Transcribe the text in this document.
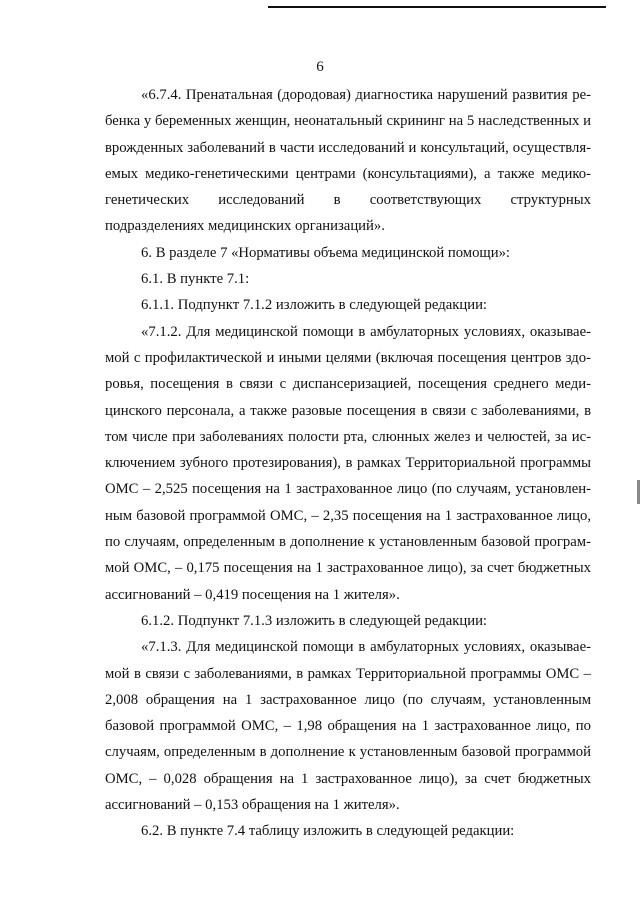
6

«6.7.4. Пренатальная (дородовая) диагностика нарушений развития ребенка у беременных женщин, неонатальный скрининг на 5 наследственных и врожденных заболеваний в части исследований и консультаций, осуществляемых медико-генетическими центрами (консультациями), а также медико-генетических исследований в соответствующих структурных подразделениях медицинских организаций».

6. В разделе 7 «Нормативы объема медицинской помощи»:

6.1. В пункте 7.1:

6.1.1. Подпункт 7.1.2 изложить в следующей редакции:

«7.1.2. Для медицинской помощи в амбулаторных условиях, оказываемой с профилактической и иными целями (включая посещения центров здоровья, посещения в связи с диспансеризацией, посещения среднего медицинского персонала, а также разовые посещения в связи с заболеваниями, в том числе при заболеваниях полости рта, слюнных желез и челюстей, за исключением зубного протезирования), в рамках Территориальной программы ОМС – 2,525 посещения на 1 застрахованное лицо (по случаям, установленным базовой программой ОМС, – 2,35 посещения на 1 застрахованное лицо, по случаям, определенным в дополнение к установленным базовой программой ОМС, – 0,175 посещения на 1 застрахованное лицо), за счет бюджетных ассигнований – 0,419 посещения на 1 жителя».

6.1.2. Подпункт 7.1.3 изложить в следующей редакции:

«7.1.3. Для медицинской помощи в амбулаторных условиях, оказываемой в связи с заболеваниями, в рамках Территориальной программы ОМС – 2,008 обращения на 1 застрахованное лицо (по случаям, установленным базовой программой ОМС, – 1,98 обращения на 1 застрахованное лицо, по случаям, определенным в дополнение к установленным базовой программой ОМС, – 0,028 обращения на 1 застрахованное лицо), за счет бюджетных ассигнований – 0,153 обращения на 1 жителя».

6.2. В пункте 7.4 таблицу изложить в следующей редакции:
